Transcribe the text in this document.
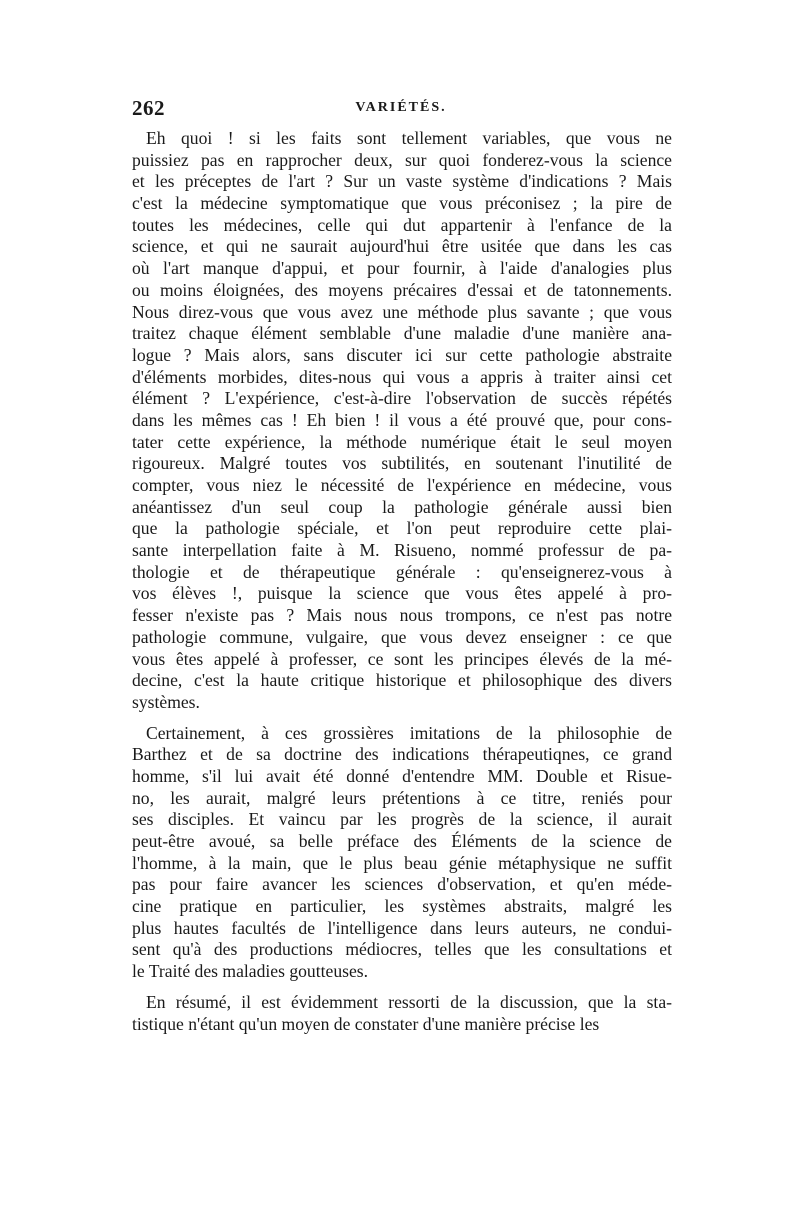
262	VARIÉTÉS.
Eh quoi ! si les faits sont tellement variables, que vous ne
puissiez pas en rapprocher deux, sur quoi fonderez-vous la science
et les préceptes de l'art ? Sur un vaste système d'indications ? Mais
c'est la médecine symptomatique que vous préconisez ; la pire de
toutes les médecines, celle qui dut appartenir à l'enfance de la
science, et qui ne saurait aujourd'hui être usitée que dans les cas
où l'art manque d'appui, et pour fournir, à l'aide d'analogies plus
ou moins éloignées, des moyens précaires d'essai et de tatonnements.
Nous direz-vous que vous avez une méthode plus savante ; que vous
traitez chaque élément semblable d'une maladie d'une manière ana-
logue ? Mais alors, sans discuter ici sur cette pathologie abstraite
d'éléments morbides, dites-nous qui vous a appris à traiter ainsi cet
élément ? L'expérience, c'est-à-dire l'observation de succès répétés
dans les mêmes cas ! Eh bien ! il vous a été prouvé que, pour cons-
tater cette expérience, la méthode numérique était le seul moyen
rigoureux. Malgré toutes vos subtilités, en soutenant l'inutilité de
compter, vous niez le nécessité de l'expérience en médecine, vous
anéantissez d'un seul coup la pathologie générale aussi bien
que la pathologie spéciale, et l'on peut reproduire cette plai-
sante interpellation faite à M. Risueno, nommé professur de pa-
thologie et de thérapeutique générale : qu'enseignerez-vous à
vos élèves !, puisque la science que vous êtes appelé à pro-
fesser n'existe pas ? Mais nous nous trompons, ce n'est pas notre
pathologie commune, vulgaire, que vous devez enseigner : ce que
vous êtes appelé à professer, ce sont les principes élevés de la mé-
decine, c'est la haute critique historique et philosophique des divers
systèmes.
Certainement, à ces grossières imitations de la philosophie de
Barthez et de sa doctrine des indications thérapeutiqnes, ce grand
homme, s'il lui avait été donné d'entendre MM. Double et Risue-
no, les aurait, malgré leurs prétentions à ce titre, reniés pour
ses disciples. Et vaincu par les progrès de la science, il aurait
peut-être avoué, sa belle préface des Éléments de la science de
l'homme, à la main, que le plus beau génie métaphysique ne suffit
pas pour faire avancer les sciences d'observation, et qu'en méde-
cine pratique en particulier, les systèmes abstraits, malgré les
plus hautes facultés de l'intelligence dans leurs auteurs, ne condui-
sent qu'à des productions médiocres, telles que les consultations et
le Traité des maladies goutteuses.
En résumé, il est évidemment ressorti de la discussion, que la sta-
tistique n'étant qu'un moyen de constater d'une manière précise les
